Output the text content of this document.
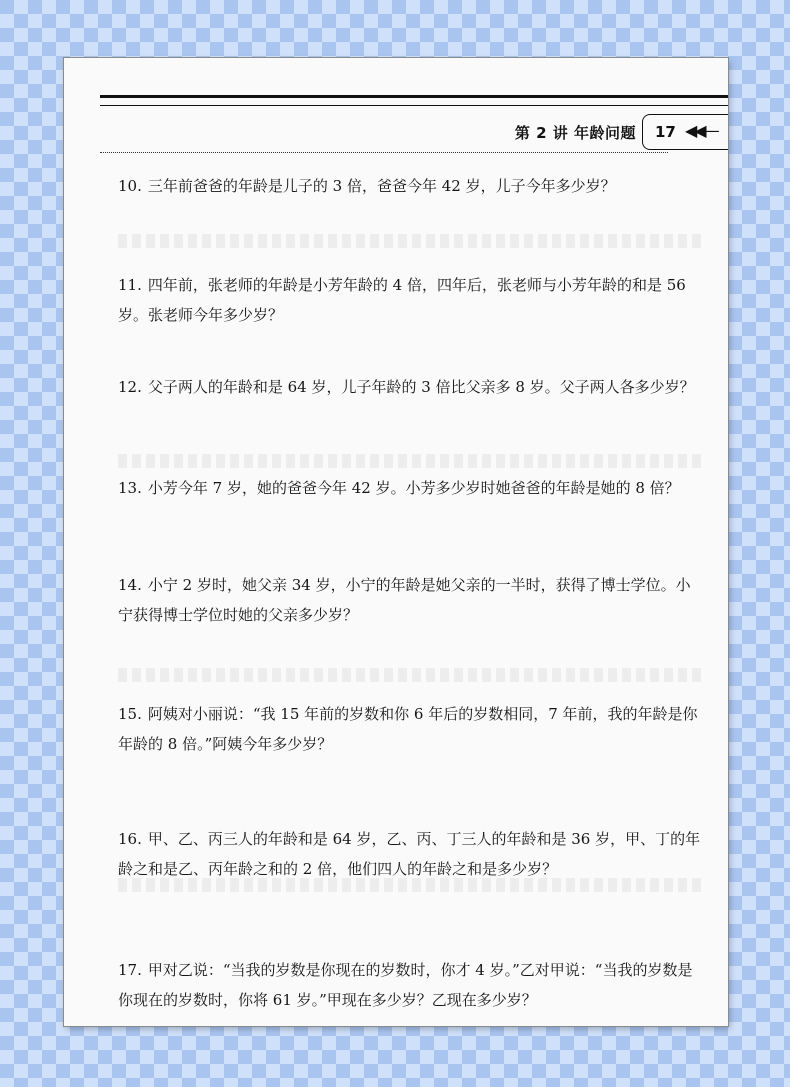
第 2 讲 年龄问题 17 ◀◀—

10. 三年前爸爸的年龄是儿子的 3 倍，爸爸今年 42 岁，儿子今年多少岁？

11. 四年前，张老师的年龄是小芳年龄的 4 倍，四年后，张老师与小芳年龄的和是 56 岁。张老师今年多少岁？

12. 父子两人的年龄和是 64 岁，儿子年龄的 3 倍比父亲多 8 岁。父子两人各多少岁？

13. 小芳今年 7 岁，她的爸爸今年 42 岁。小芳多少岁时她爸爸的年龄是她的 8 倍？

14. 小宁 2 岁时，她父亲 34 岁，小宁的年龄是她父亲的一半时，获得了博士学位。小宁获得博士学位时她的父亲多少岁？

15. 阿姨对小丽说：“我 15 年前的岁数和你 6 年后的岁数相同，7 年前，我的年龄是你年龄的 8 倍。”阿姨今年多少岁？

16. 甲、乙、丙三人的年龄和是 64 岁，乙、丙、丁三人的年龄和是 36 岁，甲、丁的年龄之和是乙、丙年龄之和的 2 倍，他们四人的年龄之和是多少岁？

17. 甲对乙说：“当我的岁数是你现在的岁数时，你才 4 岁。”乙对甲说：“当我的岁数是你现在的岁数时，你将 61 岁。”甲现在多少岁？乙现在多少岁？
